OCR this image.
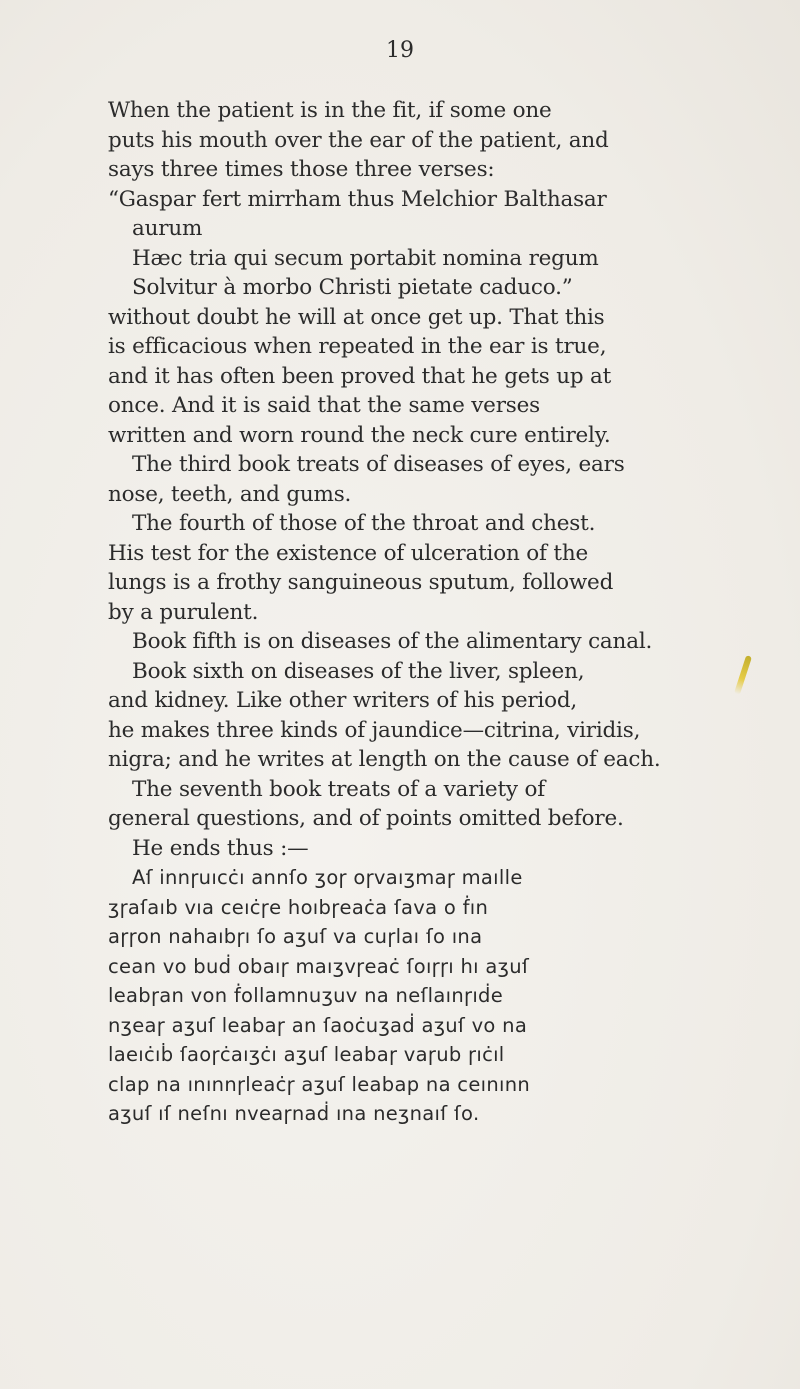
19
When the patient is in the fit, if some one
puts his mouth over the ear of the patient, and
says three times those three verses:
“Gaspar fert mirrham thus Melchior Balthasar
aurum
Hæc tria qui secum portabit nomina regum
Solvitur à morbo Christi pietate caduco.”
without doubt he will at once get up. That this
is efficacious when repeated in the ear is true,
and it has often been proved that he gets up at
once. And it is said that the same verses
written and worn round the neck cure entirely.
The third book treats of diseases of eyes, ears
nose, teeth, and gums.
The fourth of those of the throat and chest.
His test for the existence of ulceration of the
lungs is a frothy sanguineous sputum, followed
by a purulent.
Book fifth is on diseases of the alimentary canal.
Book sixth on diseases of the liver, spleen,
and kidney. Like other writers of his period,
he makes three kinds of jaundice—citrina, viridis,
nigra; and he writes at length on the cause of each.
The seventh book treats of a variety of
general questions, and of points omitted before.
He ends thus :—
Aſ innɼuıcċı annſo ʒoɼ oɼvaıʒmaɼ maılle
ʒɼaſaıb vıa ceıċɼe hoıbɼeaċa ſava o ḟın
aɼɼon nahaıbɼı ſo aʒuſ va cuɼlaı ſo ına
cean vo buḋ obaıɼ maıʒvɼeaċ ſoıɼɼı hı aʒuſ
leabɼan von ḟollamnuʒuv na neſlaınɼıḋe
nʒeaɼ aʒuſ leabaɼ an ſaoċuʒaḋ aʒuſ vo na
laeıċıḃ ſaoɼċaıʒċı aʒuſ leabaɼ vaɼub ɼıċıl
clap na ınınnɼleaċɼ aʒuſ leabap na ceınınn
aʒuſ ıſ neſnı nveaɼnaḋ ına neʒnaıſ ſo.
